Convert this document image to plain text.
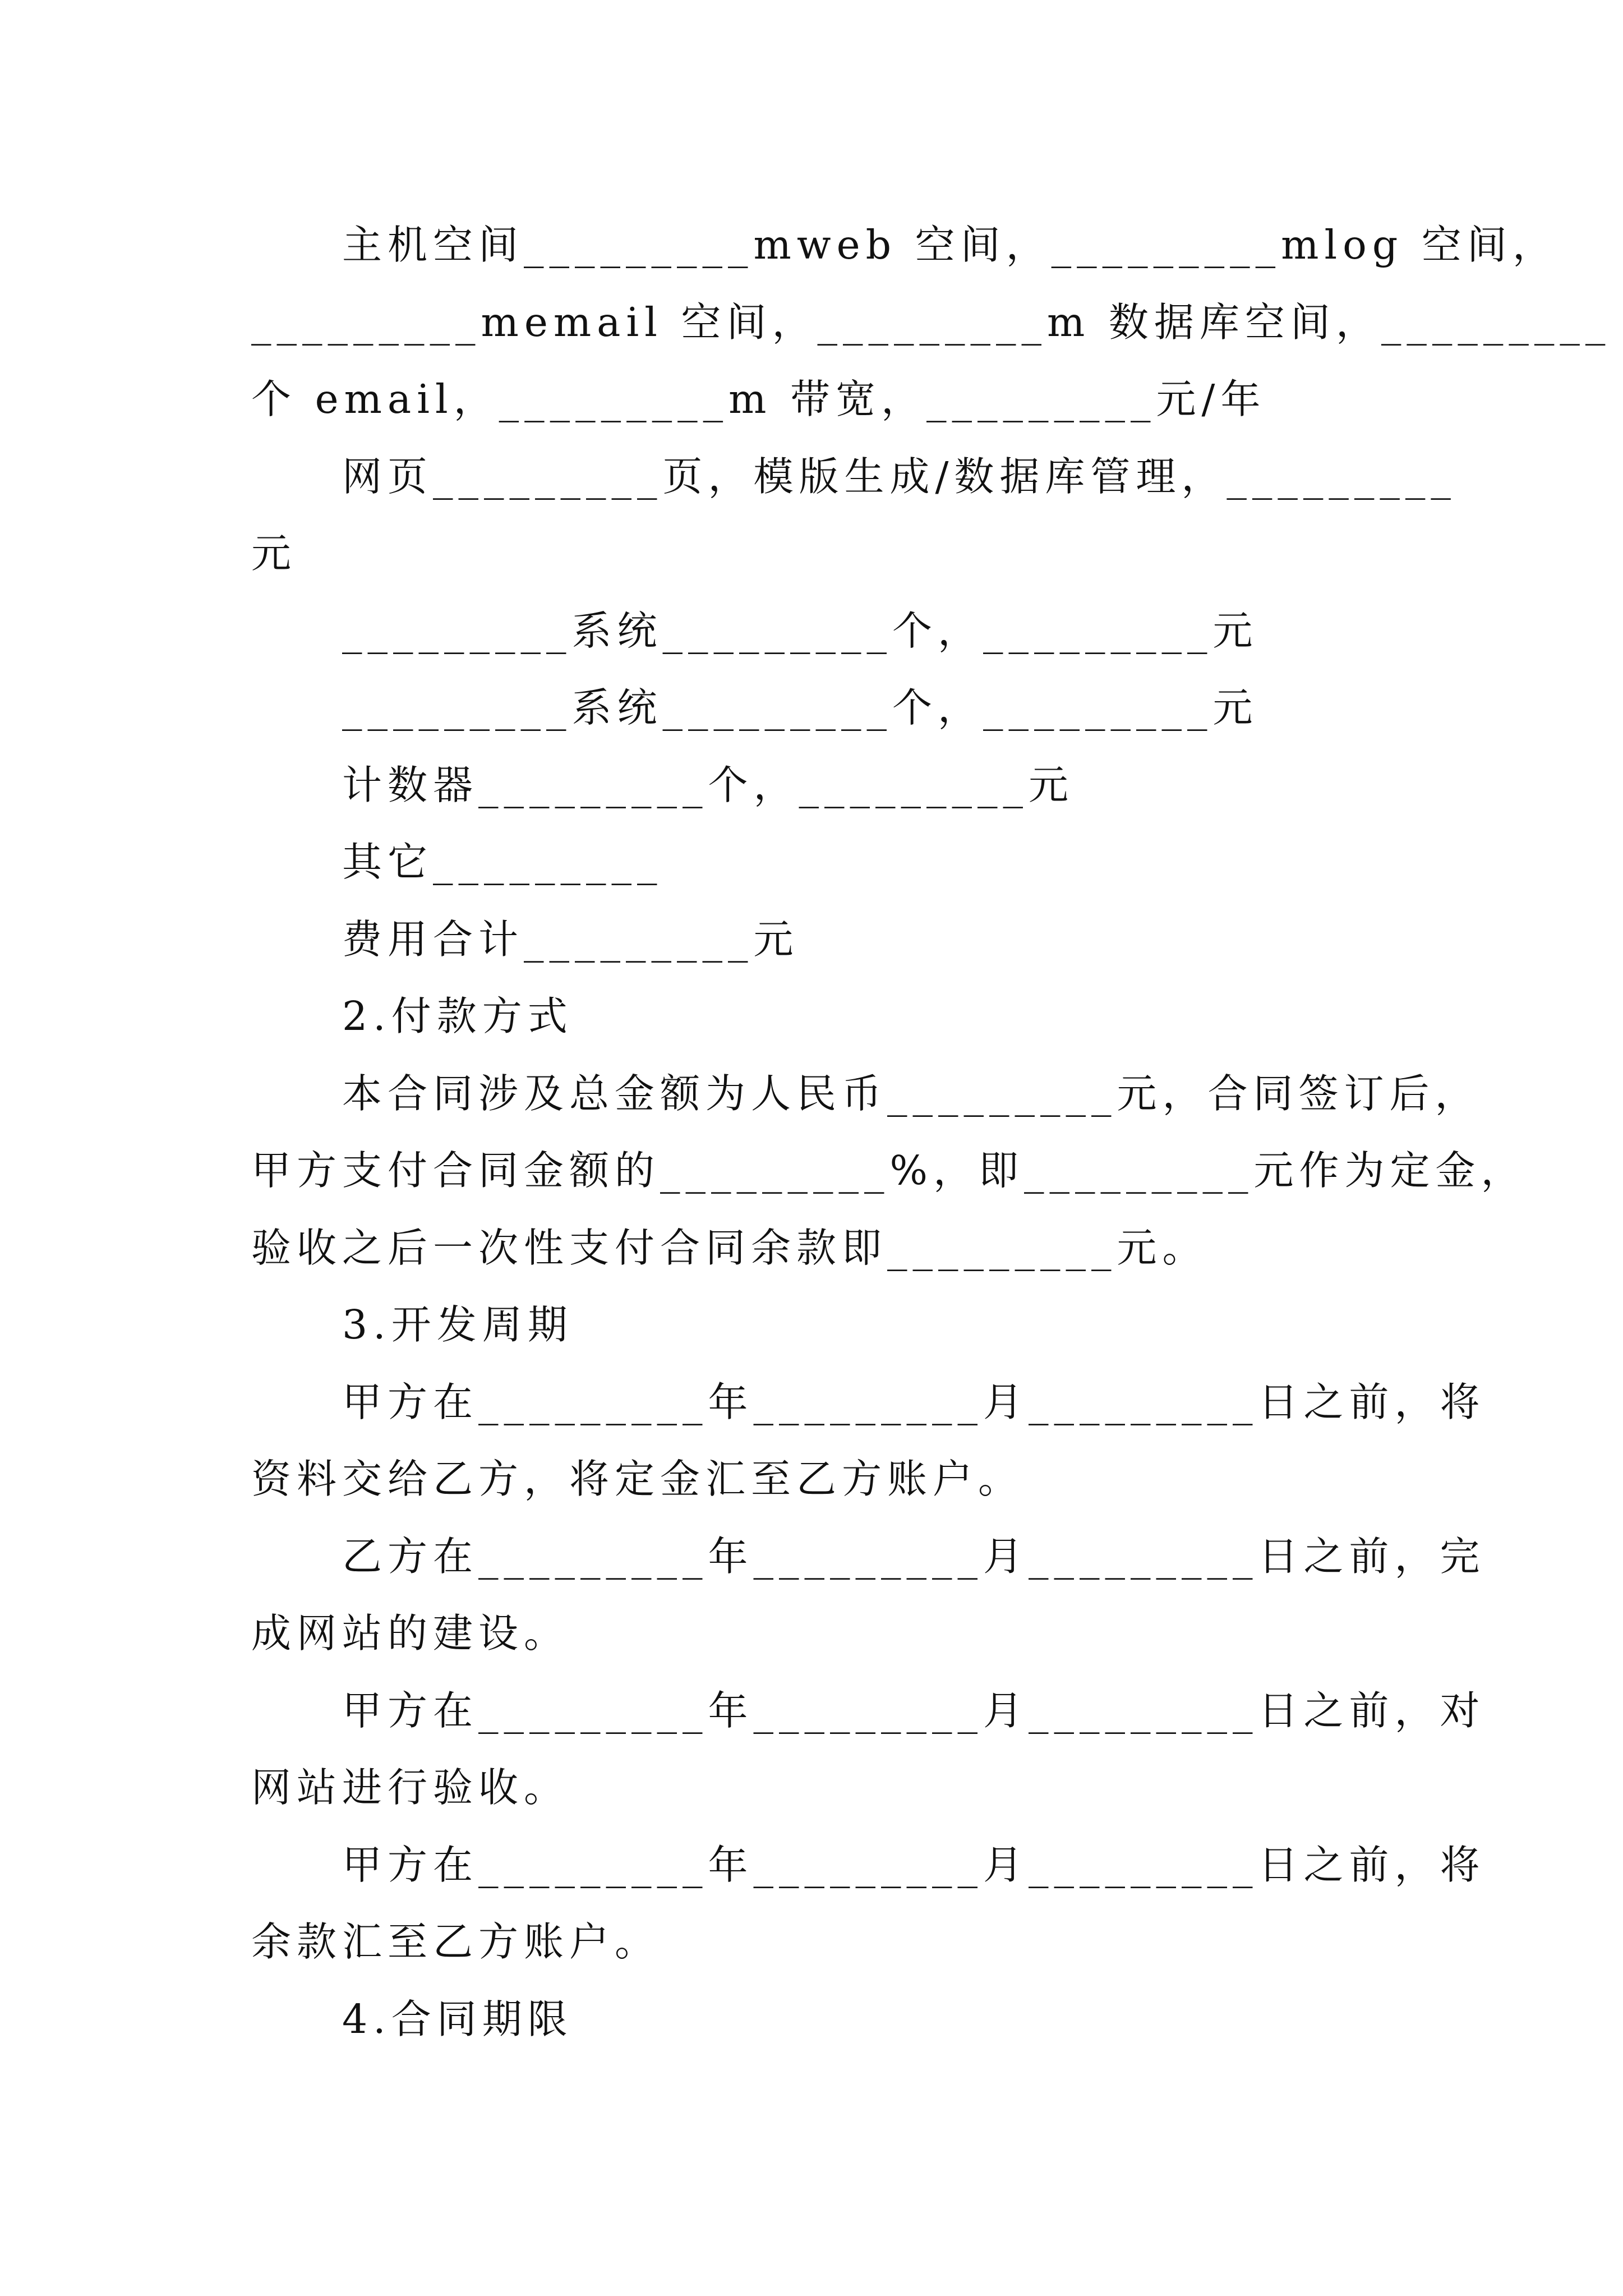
主机空间_________mweb 空间，_________mlog 空间，
_________memail 空间，_________m 数据库空间，_________
个 email，_________m 带宽，_________元/年
网页_________页，模版生成/数据库管理，_________
元
_________系统_________个，_________元
_________系统_________个，_________元
计数器_________个，_________元
其它_________
费用合计_________元
2.付款方式
本合同涉及总金额为人民币_________元，合同签订后，
甲方支付合同金额的_________%，即_________元作为定金，
验收之后一次性支付合同余款即_________元。
3.开发周期
甲方在_________年_________月_________日之前，将
资料交给乙方，将定金汇至乙方账户。
乙方在_________年_________月_________日之前，完
成网站的建设。
甲方在_________年_________月_________日之前，对
网站进行验收。
甲方在_________年_________月_________日之前，将
余款汇至乙方账户。
4.合同期限
